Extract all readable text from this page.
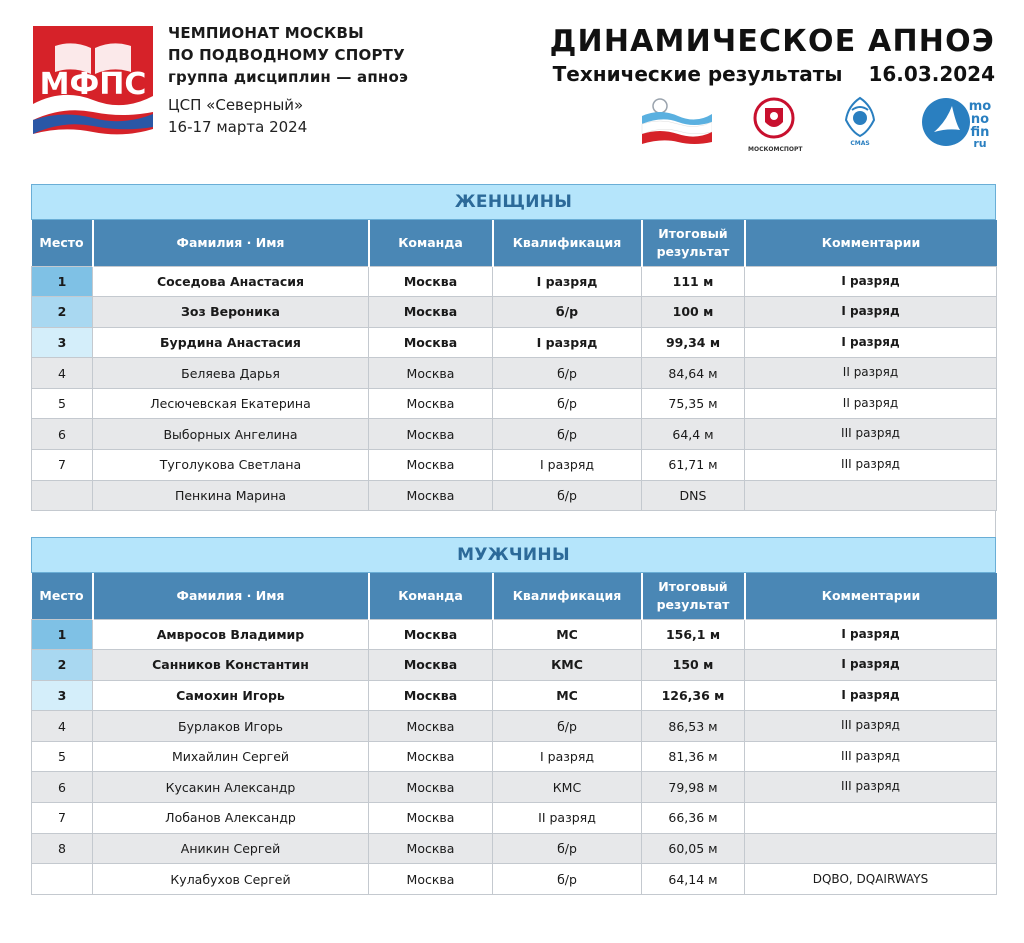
МФПС
ЧЕМПИОНАТ МОСКВЫ
ПО ПОДВОДНОМУ СПОРТУ
группа дисциплин — апноэ
ЦСП «Северный»
16-17 марта 2024
ДИНАМИЧЕСКОЕ АПНОЭ
Технические результаты 16.03.2024
МОСКОМСПОРТ
CMAS
mo
no
fin
ru
ЖЕНЩИНЫ
Место	Фамилия · Имя	Команда	Квалификация	Итоговый результат	Комментарии
1	Соседова Анастасия	Москва	I разряд	111 м	I разряд
2	Зоз Вероника	Москва	б/р	100 м	I разряд
3	Бурдина Анастасия	Москва	I разряд	99,34 м	I разряд
4	Беляева Дарья	Москва	б/р	84,64 м	II разряд
5	Лесючевская Екатерина	Москва	б/р	75,35 м	II разряд
6	Выборных Ангелина	Москва	б/р	64,4 м	III разряд
7	Туголукова Светлана	Москва	I разряд	61,71 м	III разряд
	Пенкина Марина	Москва	б/р	DNS	
МУЖЧИНЫ
Место	Фамилия · Имя	Команда	Квалификация	Итоговый результат	Комментарии
1	Амвросов Владимир	Москва	МС	156,1 м	I разряд
2	Санников Константин	Москва	КМС	150 м	I разряд
3	Самохин Игорь	Москва	МС	126,36 м	I разряд
4	Бурлаков Игорь	Москва	б/р	86,53 м	III разряд
5	Михайлин Сергей	Москва	I разряд	81,36 м	III разряд
6	Кусакин Александр	Москва	КМС	79,98 м	III разряд
7	Лобанов Александр	Москва	II разряд	66,36 м	
8	Аникин Сергей	Москва	б/р	60,05 м	
	Кулабухов Сергей	Москва	б/р	64,14 м	DQBO, DQAIRWAYS
